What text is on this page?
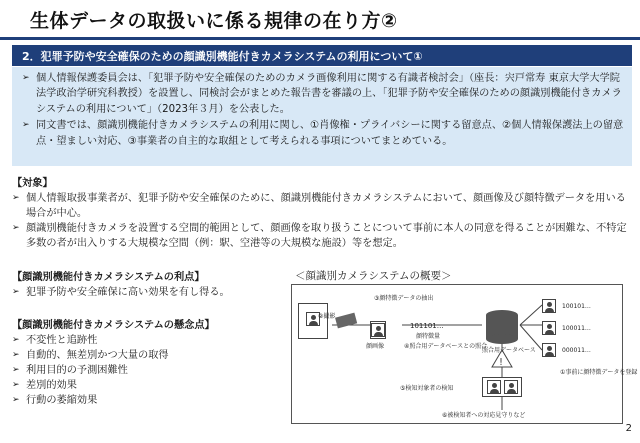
生体データの取扱いに係る規律の在り方②
2．犯罪予防や安全確保のための顔識別機能付きカメラシステムの利用について①
➢ 個人情報保護委員会は、「犯罪予防や安全確保のためのカメラ画像利用に関する有識者検討会」（座長：宍戸常寿 東京大学大学院法学政治学研究科教授）を設置し、同検討会がまとめた報告書を審議の上、「犯罪予防や安全確保のための顔識別機能付きカメラシステムの利用について」（2023年３月）を公表した。
➢ 同文書では、顔識別機能付きカメラシステムの利用に関し、①肖像権・プライバシーに関する留意点、②個人情報保護法上の留意点・望ましい対応、③事業者の自主的な取組として考えられる事項についてまとめている。
【対象】
➢ 個人情報取扱事業者が、犯罪予防や安全確保のために、顔識別機能付きカメラシステムにおいて、顔画像及び顔特徴データを用いる場合が中心。
➢ 顔識別機能付きカメラを設置する空間的範囲として、顔画像を取り扱うことについて事前に本人の同意を得ることが困難な、不特定多数の者が出入りする大規模な空間（例：駅、空港等の大規模な施設）等を想定。
【顔識別機能付きカメラシステムの利点】
➢ 犯罪予防や安全確保に高い効果を有し得る。
【顔識別機能付きカメラシステムの懸念点】
➢ 不変性と追跡性
➢ 自動的、無差別かつ大量の取得
➢ 利用目的の予測困難性
➢ 差別的効果
➢ 行動の萎縮効果
＜顔識別カメラシステムの概要＞
!
②撮影
③顔特徴データの抽出
顔画像
101101…
顔特徴量
④照合用データベースとの照合
照合用データベース
100101…
100011…
000011…
①事前に顔特徴データを登録
⑤検知対象者の検知
⑥被検知者への対応見守りなど
2
